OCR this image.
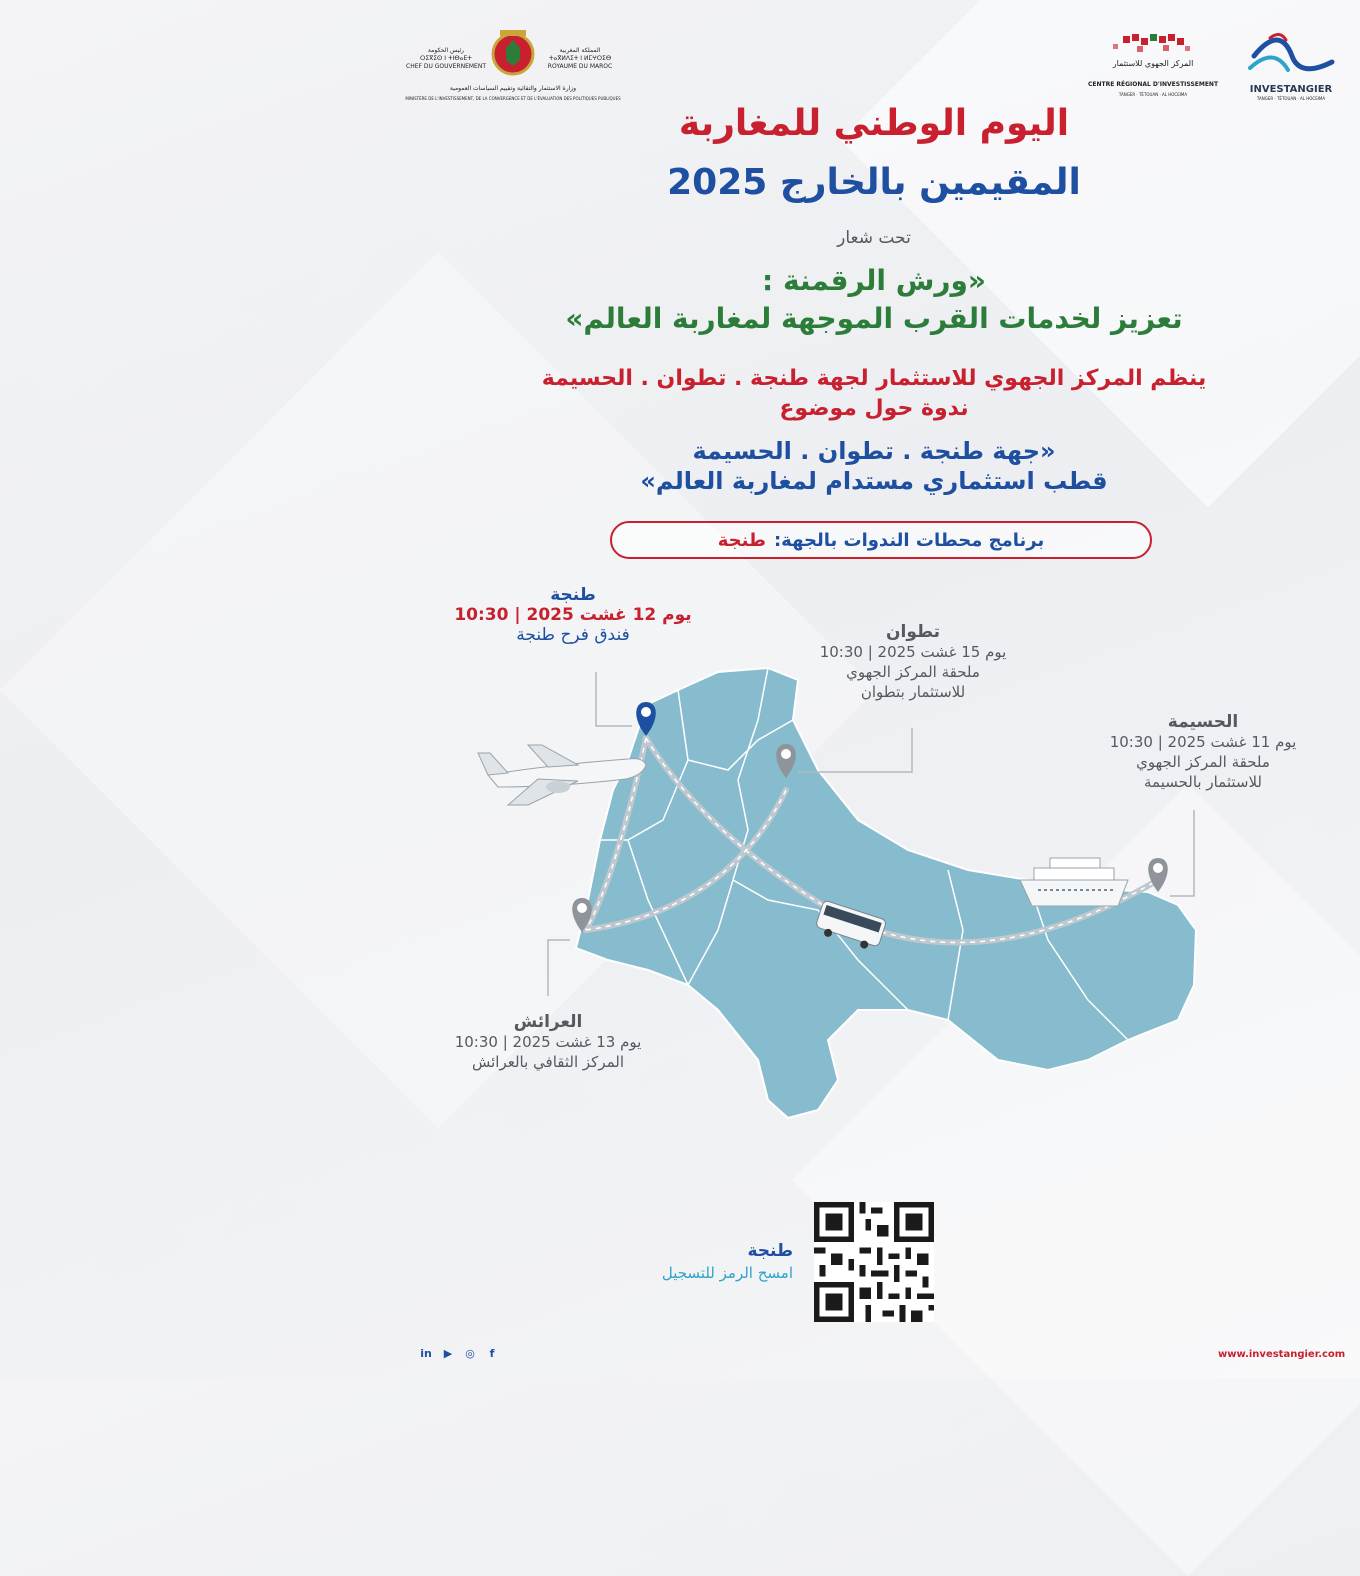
رئيس الحكومة
ⵔⵉⴳⵉⵙ ⵏ ⵜⵏⴱⴰⴹⵜ
CHEF DU GOUVERNEMENT
المملكة المغربية
ⵜⴰⴳⵍⴷⵉⵜ ⵏ ⵍⵎⵖⵔⵉⴱ
ROYAUME DU MAROC
وزارة الاستثمار والتقائية وتقييم السياسات العمومية
MINISTÈRE DE L'INVESTISSEMENT, DE LA CONVERGENCE ET DE L'ÉVALUATION DES POLITIQUES PUBLIQUES
المركز الجهوي للاستثمار
CENTRE RÉGIONAL D'INVESTISSEMENT
TANGER · TÉTOUAN · AL HOCEIMA	INVESTANGIER
TANGER · TÉTOUAN · AL HOCEIMA
اليوم الوطني للمغاربة
المقيمين بالخارج 2025
تحت شعار
«ورش الرقمنة :
تعزيز لخدمات القرب الموجهة لمغاربة العالم»
ينظم المركز الجهوي للاستثمار لجهة طنجة . تطوان . الحسيمة
ندوة حول موضوع
«جهة طنجة . تطوان . الحسيمة
قطب استثماري مستدام لمغاربة العالم»
برنامج محطات الندوات بالجهة:
طنجة
طنجة
يوم 12 غشت 2025 | 10:30
فندق فرح طنجة	تطوان
يوم 15 غشت 2025 | 10:30
ملحقة المركز الجهوي
للاستثمار بتطوان
الحسيمة
يوم 11 غشت 2025 | 10:30
ملحقة المركز الجهوي
للاستثمار بالحسيمة
العرائش
يوم 13 غشت 2025 | 10:30
المركز الثقافي بالعرائش
طنجة
امسح الرمز للتسجيل
in	▶	◎	f	www.investangier.com
